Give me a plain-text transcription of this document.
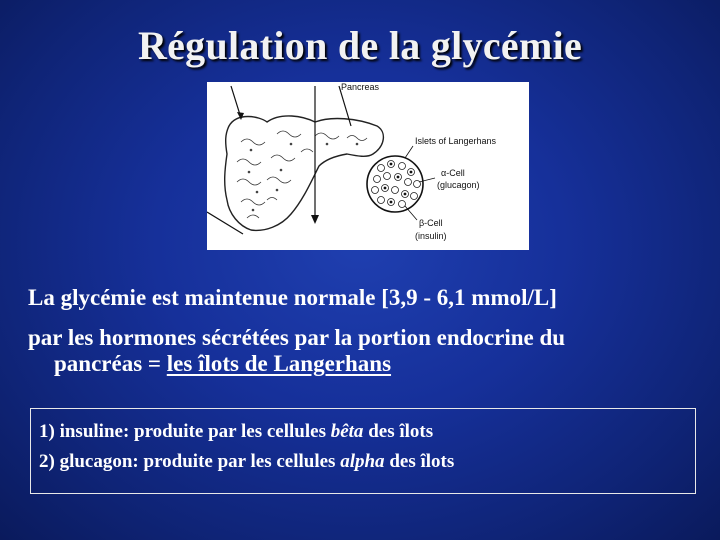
Régulation de la glycémie
Pancreas
Islets of Langerhans
α-Cell
(glucagon)
β-Cell
(insulin)

La glycémie est maintenue normale [3,9 - 6,1 mmol/L]

par les hormones sécrétées par la portion endocrine du
pancréas = les îlots de Langerhans

1) insuline: produite par les cellules bêta des îlots
2) glucagon: produite par les cellules alpha des îlots
